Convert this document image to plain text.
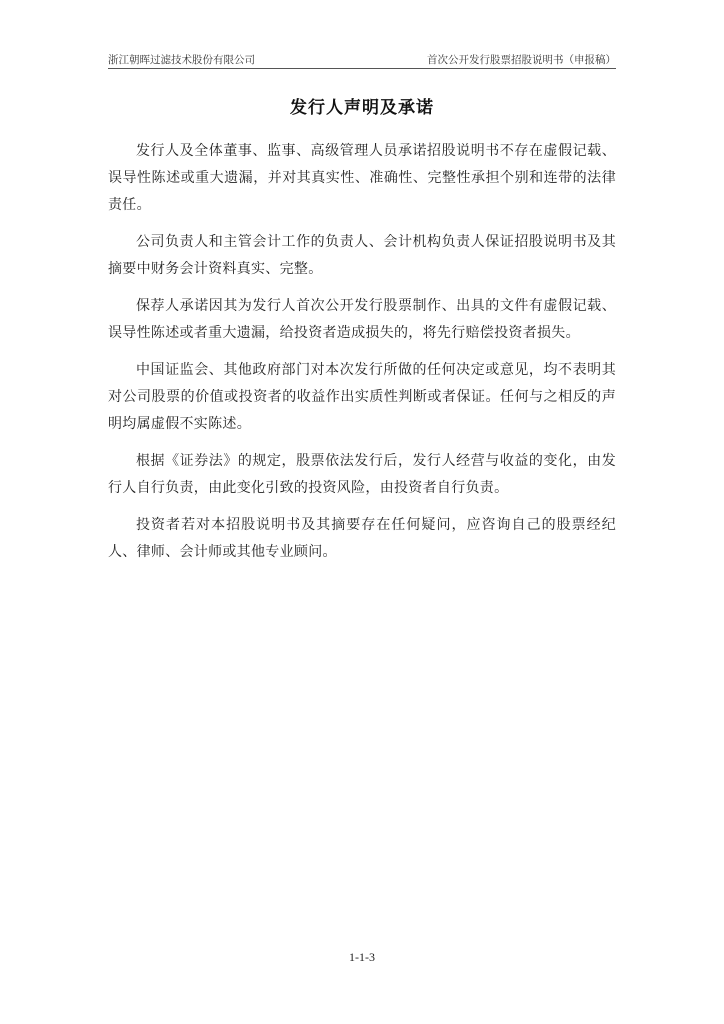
浙江朝晖过滤技术股份有限公司	首次公开发行股票招股说明书（申报稿）
发行人声明及承诺

发行人及全体董事、监事、高级管理人员承诺招股说明书不存在虚假记载、误导性陈述或重大遗漏，并对其真实性、准确性、完整性承担个别和连带的法律责任。

公司负责人和主管会计工作的负责人、会计机构负责人保证招股说明书及其摘要中财务会计资料真实、完整。

保荐人承诺因其为发行人首次公开发行股票制作、出具的文件有虚假记载、误导性陈述或者重大遗漏，给投资者造成损失的，将先行赔偿投资者损失。

中国证监会、其他政府部门对本次发行所做的任何决定或意见，均不表明其对公司股票的价值或投资者的收益作出实质性判断或者保证。任何与之相反的声明均属虚假不实陈述。

根据《证券法》的规定，股票依法发行后，发行人经营与收益的变化，由发行人自行负责，由此变化引致的投资风险，由投资者自行负责。

投资者若对本招股说明书及其摘要存在任何疑问，应咨询自己的股票经纪人、律师、会计师或其他专业顾问。

1-1-3
